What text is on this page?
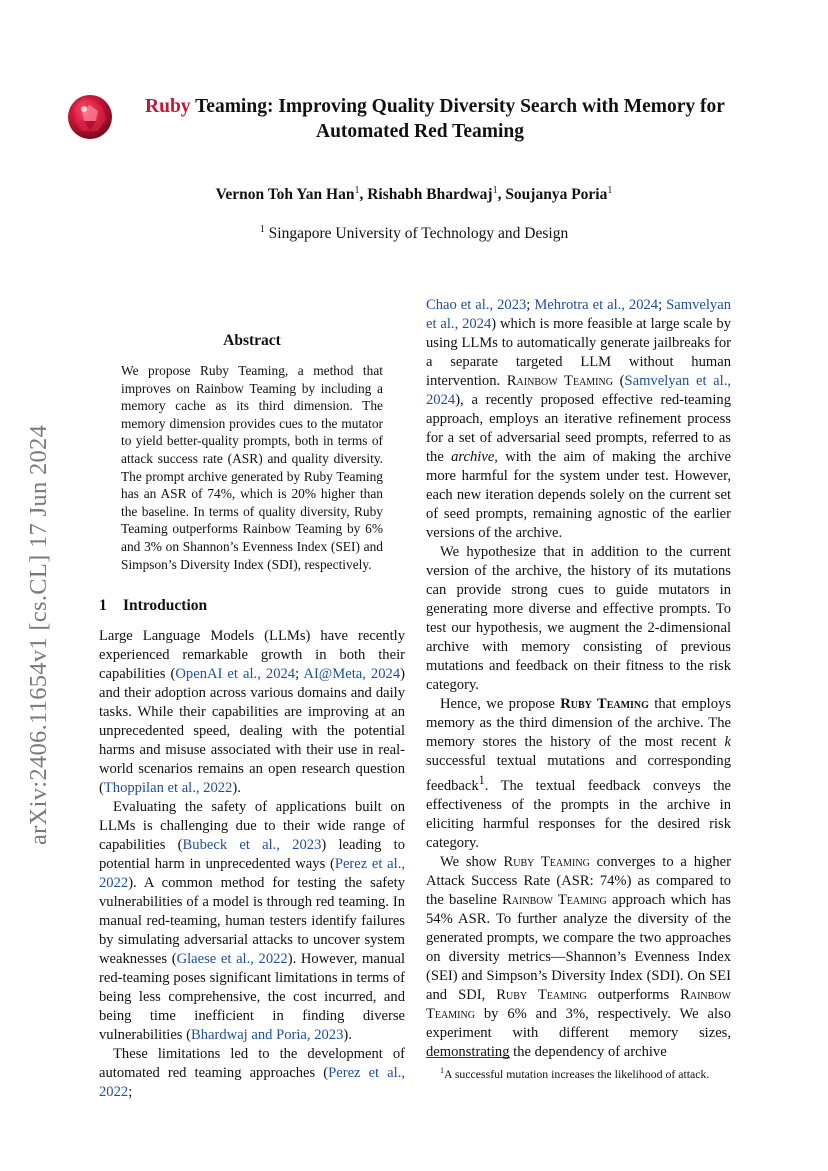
arXiv:2406.11654v1 [cs.CL] 17 Jun 2024
Ruby Teaming: Improving Quality Diversity Search with Memory for
Automated Red Teaming
Vernon Toh Yan Han$^1$, Rishabh Bhardwaj$^1$, Soujanya Poria$^1$
$^1$ Singapore University of Technology and Design
Abstract
We propose Ruby Teaming, a method that improves on Rainbow Teaming by including a memory cache as its third dimension. The memory dimension provides cues to the mutator to yield better-quality prompts, both in terms of attack success rate (ASR) and quality diversity. The prompt archive generated by Ruby Teaming has an ASR of 74%, which is 20% higher than the baseline. In terms of quality diversity, Ruby Teaming outperforms Rainbow Teaming by 6% and 3% on Shannon’s Evenness Index (SEI) and Simpson’s Diversity Index (SDI), respectively.
1 Introduction

Large Language Models (LLMs) have recently experienced remarkable growth in both their capabilities (OpenAI et al., 2024; AI@Meta, 2024) and their adoption across various domains and daily tasks. While their capabilities are improving at an unprecedented speed, dealing with the potential harms and misuse associated with their use in real-world scenarios remains an open research question (Thoppilan et al., 2022).

Evaluating the safety of applications built on LLMs is challenging due to their wide range of capabilities (Bubeck et al., 2023) leading to potential harm in unprecedented ways (Perez et al., 2022). A common method for testing the safety vulnerabilities of a model is through red teaming. In manual red-teaming, human testers identify failures by simulating adversarial attacks to uncover system weaknesses (Glaese et al., 2022). However, manual red-teaming poses significant limitations in terms of being less comprehensive, the cost incurred, and being time inefficient in finding diverse vulnerabilities (Bhardwaj and Poria, 2023).

These limitations led to the development of automated red teaming approaches (Perez et al., 2022;

Chao et al., 2023; Mehrotra et al., 2024; Samvelyan et al., 2024) which is more feasible at large scale by using LLMs to automatically generate jailbreaks for a separate targeted LLM without human intervention. Rainbow Teaming (Samvelyan et al., 2024), a recently proposed effective red-teaming approach, employs an iterative refinement process for a set of adversarial seed prompts, referred to as the archive, with the aim of making the archive more harmful for the system under test. However, each new iteration depends solely on the current set of seed prompts, remaining agnostic of the earlier versions of the archive.

We hypothesize that in addition to the current version of the archive, the history of its mutations can provide strong cues to guide mutators in generating more diverse and effective prompts. To test our hypothesis, we augment the 2-dimensional archive with memory consisting of previous mutations and feedback on their fitness to the risk category.

Hence, we propose Ruby Teaming that employs memory as the third dimension of the archive. The memory stores the history of the most recent k successful textual mutations and corresponding feedback$^1$. The textual feedback conveys the effectiveness of the prompts in the archive in eliciting harmful responses for the desired risk category.

We show Ruby Teaming converges to a higher Attack Success Rate (ASR: 74%) as compared to the baseline Rainbow Teaming approach which has 54% ASR. To further analyze the diversity of the generated prompts, we compare the two approaches on diversity metrics—Shannon’s Evenness Index (SEI) and Simpson’s Diversity Index (SDI). On SEI and SDI, Ruby Teaming outperforms Rainbow Teaming by 6% and 3%, respectively. We also experiment with different memory sizes, demonstrating the dependency of archive

$^1$A successful mutation increases the likelihood of attack.
